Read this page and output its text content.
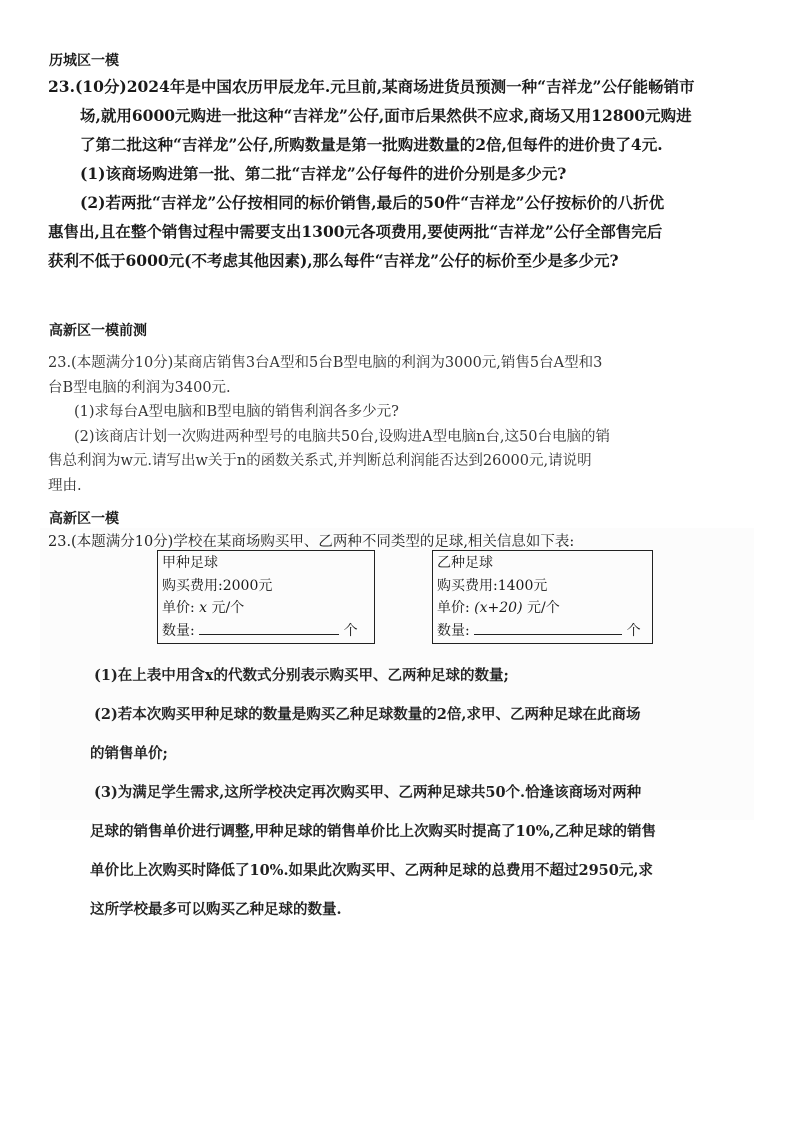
历城区一模

23.(10分)2024年是中国农历甲辰龙年.元旦前,某商场进货员预测一种“吉祥龙”公仔能畅销市

场,就用6000元购进一批这种“吉祥龙”公仔,面市后果然供不应求,商场又用12800元购进

了第二批这种“吉祥龙”公仔,所购数量是第一批购进数量的2倍,但每件的进价贵了4元.

(1)该商场购进第一批、第二批“吉祥龙”公仔每件的进价分别是多少元?

(2)若两批“吉祥龙”公仔按相同的标价销售,最后的50件“吉祥龙”公仔按标价的八折优

惠售出,且在整个销售过程中需要支出1300元各项费用,要使两批“吉祥龙”公仔全部售完后

获利不低于6000元(不考虑其他因素),那么每件“吉祥龙”公仔的标价至少是多少元?

高新区一模前测

23.(本题满分10分)某商店销售3台A型和5台B型电脑的利润为3000元,销售5台A型和3

台B型电脑的利润为3400元.

(1)求每台A型电脑和B型电脑的销售利润各多少元?

(2)该商店计划一次购进两种型号的电脑共50台,设购进A型电脑n台,这50台电脑的销

售总利润为w元.请写出w关于n的函数关系式,并判断总利润能否达到26000元,请说明

理由.

高新区一模

23.(本题满分10分)学校在某商场购买甲、乙两种不同类型的足球,相关信息如下表:

甲种足球
购买费用:2000元
单价: x 元/个
数量:	个
乙种足球
购买费用:1400元
单价: (x+20) 元/个
数量:	个

(1)在上表中用含x的代数式分别表示购买甲、乙两种足球的数量;

(2)若本次购买甲种足球的数量是购买乙种足球数量的2倍,求甲、乙两种足球在此商场

的销售单价;

(3)为满足学生需求,这所学校决定再次购买甲、乙两种足球共50个.恰逢该商场对两种

足球的销售单价进行调整,甲种足球的销售单价比上次购买时提高了10%,乙种足球的销售

单价比上次购买时降低了10%.如果此次购买甲、乙两种足球的总费用不超过2950元,求

这所学校最多可以购买乙种足球的数量.
